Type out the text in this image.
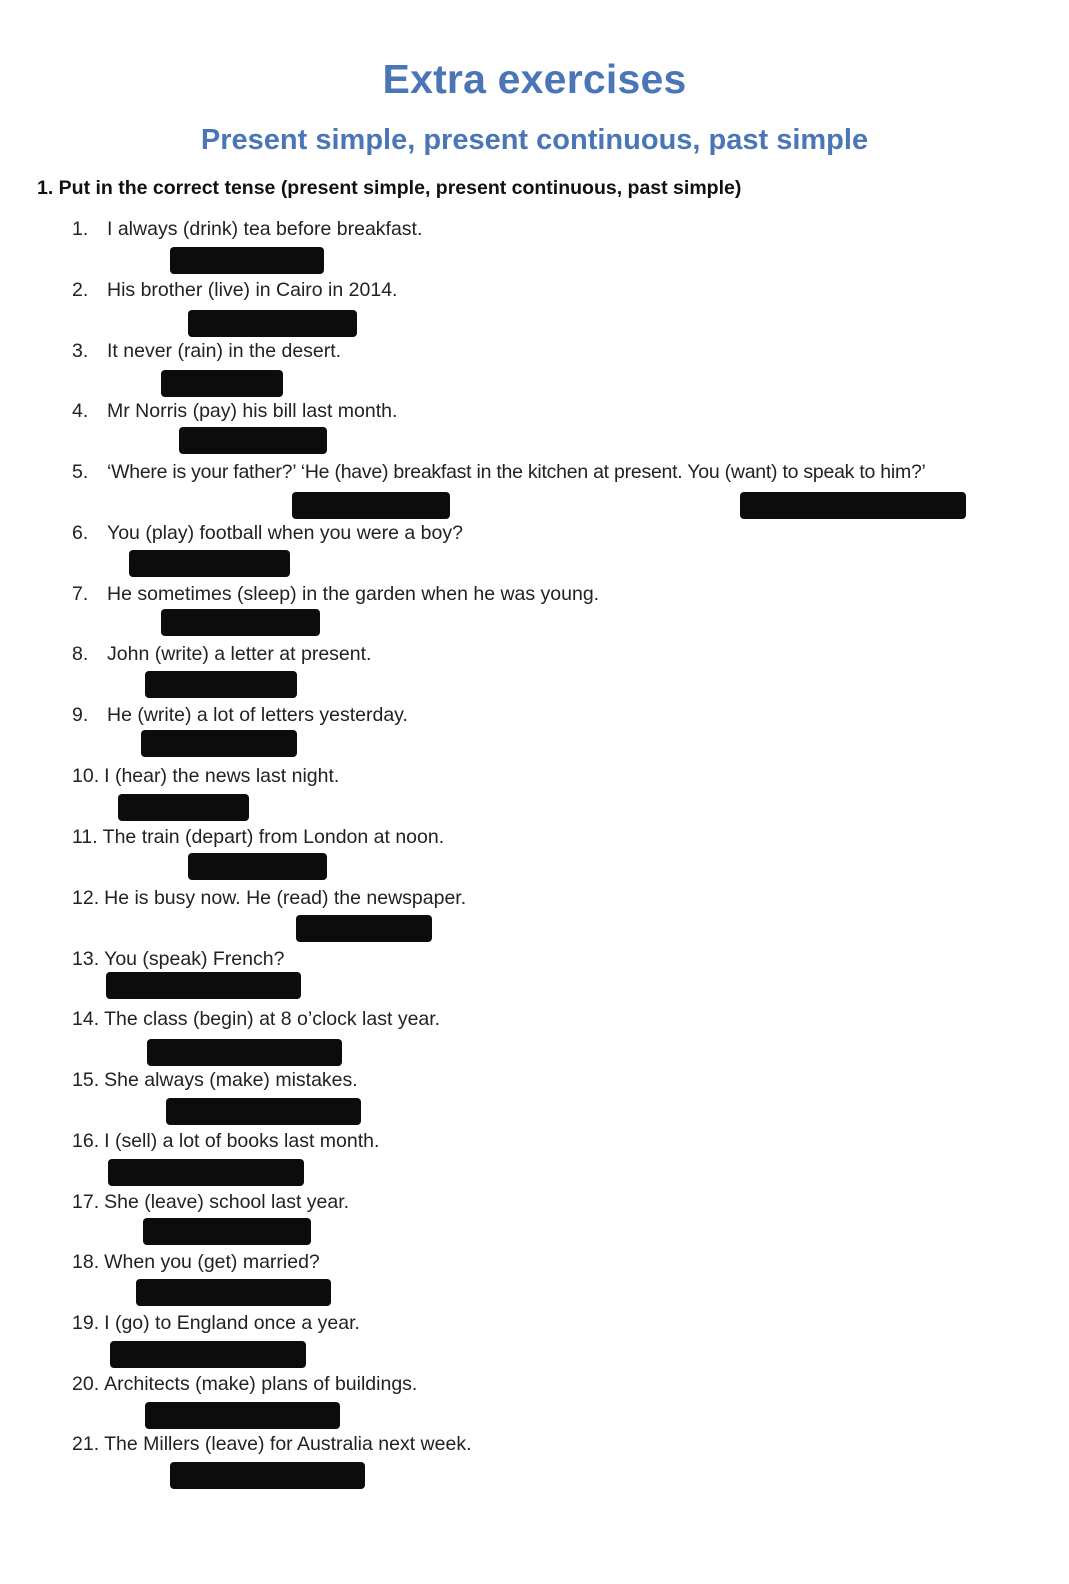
Extra exercises
Present simple, present continuous, past simple
1. Put in the correct tense (present simple, present continuous, past simple)
1. I always (drink) tea before breakfast.
2. His brother (live) in Cairo in 2014.
3. It never (rain) in the desert.
4. Mr Norris (pay) his bill last month.
5. ‘Where is your father?’ ‘He (have) breakfast in the kitchen at present. You (want) to speak to him?’
6. You (play) football when you were a boy?
7. He sometimes (sleep) in the garden when he was young.
8. John (write) a letter at present.
9. He (write) a lot of letters yesterday.
10. I (hear) the news last night.
11. The train (depart) from London at noon.
12. He is busy now. He (read) the newspaper.
13. You (speak) French?
14. The class (begin) at 8 o’clock last year.
15. She always (make) mistakes.
16. I (sell) a lot of books last month.
17. She (leave) school last year.
18. When you (get) married?
19. I (go) to England once a year.
20. Architects (make) plans of buildings.
21. The Millers (leave) for Australia next week.
